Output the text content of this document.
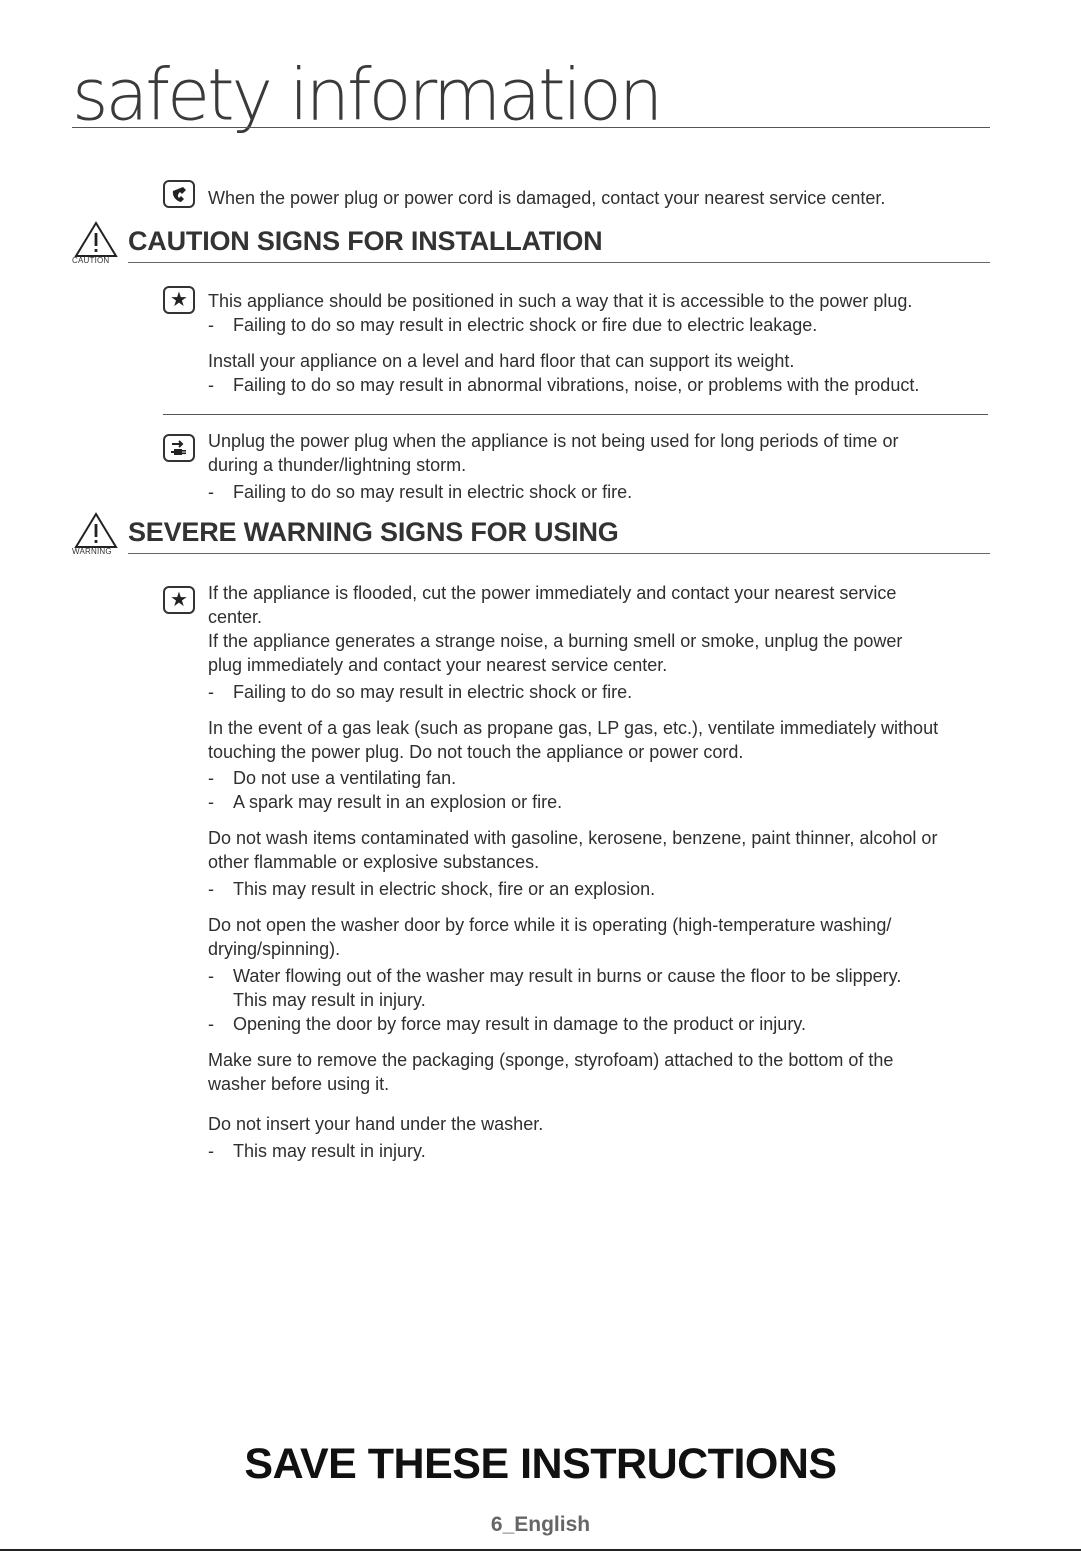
safety information
When the power plug or power cord is damaged, contact your nearest service center.
CAUTION
CAUTION SIGNS FOR INSTALLATION
★	This appliance should be positioned in such a way that it is accessible to the power plug.
- Failing to do so may result in electric shock or fire due to electric leakage.
Install your appliance on a level and hard floor that can support its weight.
- Failing to do so may result in abnormal vibrations, noise, or problems with the product.
Unplug the power plug when the appliance is not being used for long periods of time or
during a thunder/lightning storm.
- Failing to do so may result in electric shock or fire.
WARNING
SEVERE WARNING SIGNS FOR USING
★	If the appliance is flooded, cut the power immediately and contact your nearest service
center.
If the appliance generates a strange noise, a burning smell or smoke, unplug the power
plug immediately and contact your nearest service center.
- Failing to do so may result in electric shock or fire.
In the event of a gas leak (such as propane gas, LP gas, etc.), ventilate immediately without
touching the power plug. Do not touch the appliance or power cord.
- Do not use a ventilating fan.
- A spark may result in an explosion or fire.
Do not wash items contaminated with gasoline, kerosene, benzene, paint thinner, alcohol or
other flammable or explosive substances.
- This may result in electric shock, fire or an explosion.
Do not open the washer door by force while it is operating (high-temperature washing/
drying/spinning).
- Water flowing out of the washer may result in burns or cause the floor to be slippery.
This may result in injury.
- Opening the door by force may result in damage to the product or injury.
Make sure to remove the packaging (sponge, styrofoam) attached to the bottom of the
washer before using it.
Do not insert your hand under the washer.
- This may result in injury.
SAVE THESE INSTRUCTIONS
6_English
